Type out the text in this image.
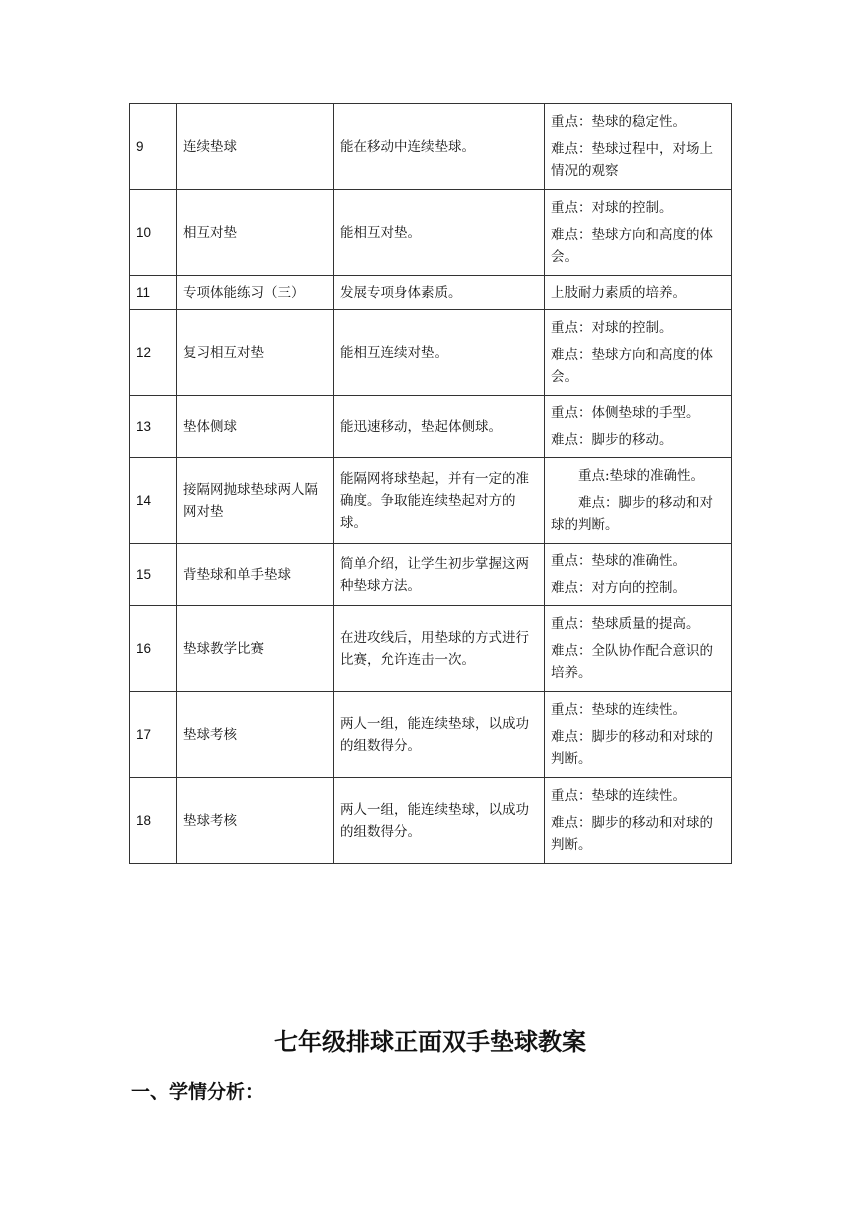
9	连续垫球	能在移动中连续垫球。	重点：垫球的稳定性。

难点：垫球过程中，对场上情况的观察

10	相互对垫	能相互对垫。	重点：对球的控制。

难点：垫球方向和高度的体会。

11	专项体能练习（三）	发展专项身体素质。	上肢耐力素质的培养。

12	复习相互对垫	能相互连续对垫。	重点：对球的控制。

难点：垫球方向和高度的体会。

13	垫体侧球	能迅速移动，垫起体侧球。	重点：体侧垫球的手型。

难点：脚步的移动。

14	接隔网抛球垫球两人隔网对垫	能隔网将球垫起，并有一定的准确度。争取能连续垫起对方的球。	重点:垫球的准确性。

难点：脚步的移动和对球的判断。

15	背垫球和单手垫球	简单介绍，让学生初步掌握这两种垫球方法。	重点：垫球的准确性。

难点：对方向的控制。

16	垫球教学比赛	在进攻线后，用垫球的方式进行比赛，允许连击一次。	重点：垫球质量的提高。

难点：全队协作配合意识的培养。

17	垫球考核	两人一组，能连续垫球，以成功的组数得分。	重点：垫球的连续性。

难点：脚步的移动和对球的判断。

18	垫球考核	两人一组，能连续垫球，以成功的组数得分。	重点：垫球的连续性。

难点：脚步的移动和对球的判断。

七年级排球正面双手垫球教案
一、学情分析：
